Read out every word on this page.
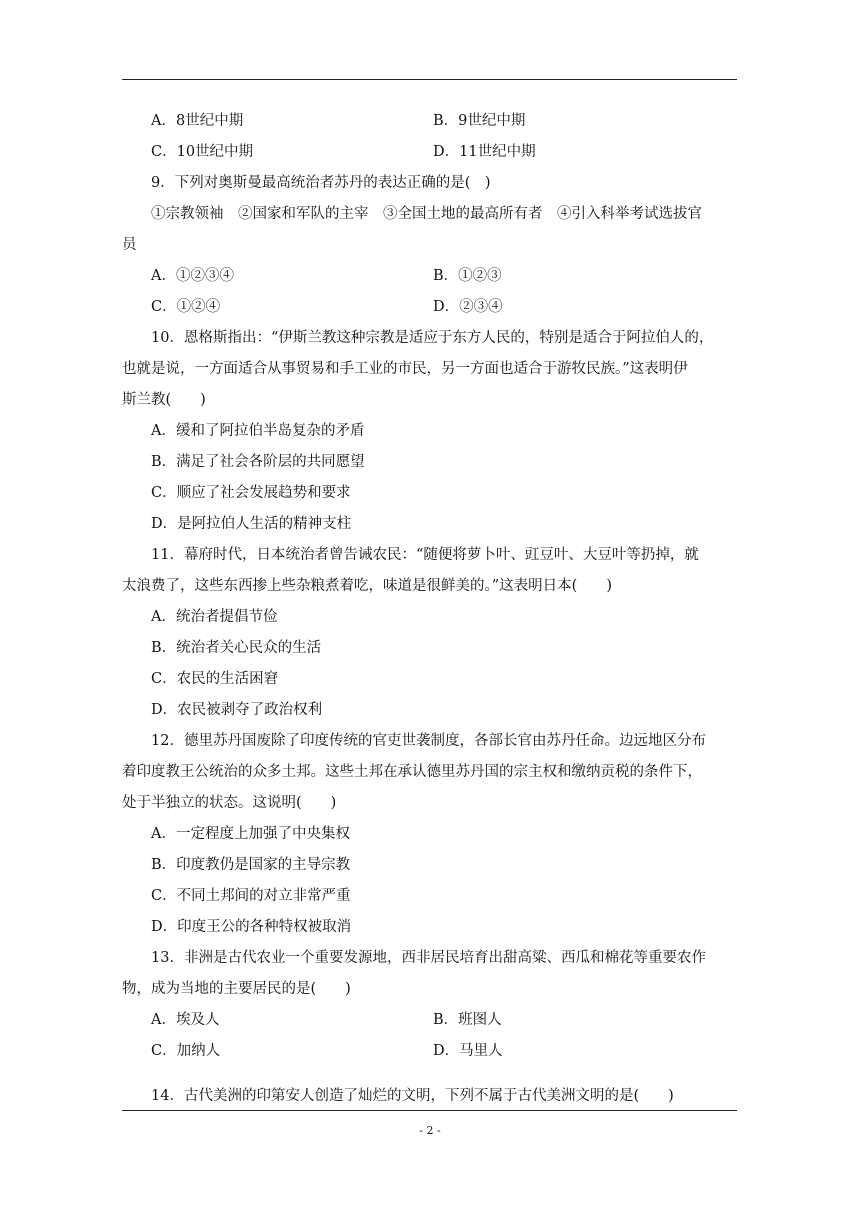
A．8世纪中期	B．9世纪中期
C．10世纪中期	D．11世纪中期
9．下列对奥斯曼最高统治者苏丹的表达正确的是(　)
①宗教领袖　②国家和军队的主宰　③全国土地的最高所有者　④引入科举考试选拔官
员
A．①②③④	B．①②③
C．①②④	D．②③④
10．恩格斯指出：“伊斯兰教这种宗教是适应于东方人民的，特别是适合于阿拉伯人的，
也就是说，一方面适合从事贸易和手工业的市民，另一方面也适合于游牧民族。”这表明伊
斯兰教(　　)
A．缓和了阿拉伯半岛复杂的矛盾
B．满足了社会各阶层的共同愿望
C．顺应了社会发展趋势和要求
D．是阿拉伯人生活的精神支柱
11．幕府时代，日本统治者曾告诫农民：“随便将萝卜叶、豇豆叶、大豆叶等扔掉，就
太浪费了，这些东西掺上些杂粮煮着吃，味道是很鲜美的。”这表明日本(　　)
A．统治者提倡节俭
B．统治者关心民众的生活
C．农民的生活困窘
D．农民被剥夺了政治权利
12．德里苏丹国废除了印度传统的官吏世袭制度，各部长官由苏丹任命。边远地区分布
着印度教王公统治的众多土邦。这些土邦在承认德里苏丹国的宗主权和缴纳贡税的条件下，
处于半独立的状态。这说明(　　)
A．一定程度上加强了中央集权
B．印度教仍是国家的主导宗教
C．不同土邦间的对立非常严重
D．印度王公的各种特权被取消
13．非洲是古代农业一个重要发源地，西非居民培育出甜高粱、西瓜和棉花等重要农作
物，成为当地的主要居民的是(　　)
A．埃及人	B．班图人
C．加纳人	D．马里人
14．古代美洲的印第安人创造了灿烂的文明，下列不属于古代美洲文明的是(　　)
- 2 -
